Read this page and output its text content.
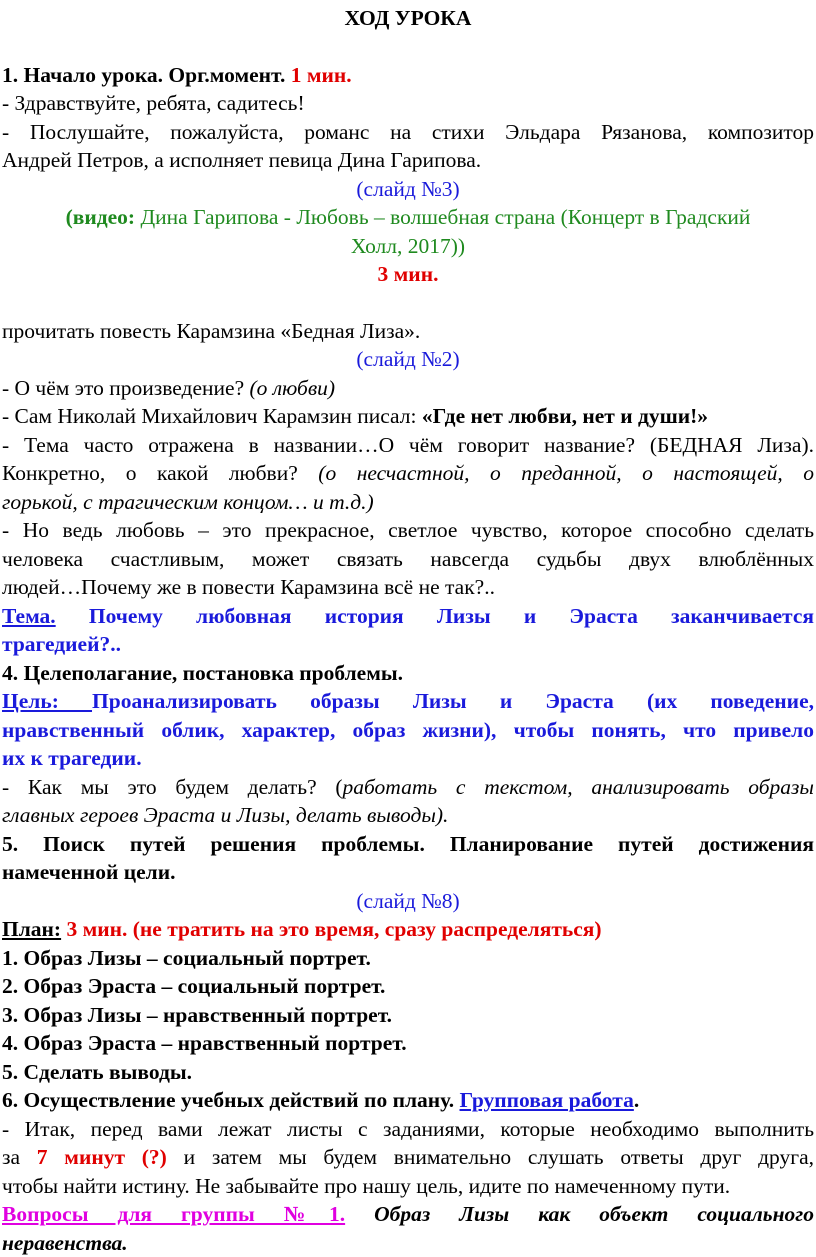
ХОД УРОКА

1. Начало урока. Орг.момент. 1 мин.

- Здравствуйте, ребята, садитесь!

- Послушайте, пожалуйста, романс на стихи Эльдара Рязанова, композитор

Андрей Петров, а исполняет певица Дина Гарипова.

(слайд №3)

(видео: Дина Гарипова - Любовь – волшебная страна (Концерт в Градский

Холл, 2017))

3 мин.

прочитать повесть Карамзина «Бедная Лиза».

(слайд №2)

- О чём это произведение? (о любви)

- Сам Николай Михайлович Карамзин писал: «Где нет любви, нет и души!»

- Тема часто отражена в названии…О чём говорит название? (БЕДНАЯ Лиза).

Конкретно, о какой любви? (о несчастной, о преданной, о настоящей, о

горькой, с трагическим концом… и т.д.)

- Но ведь любовь – это прекрасное, светлое чувство, которое способно сделать

человека счастливым, может связать навсегда судьбы двух влюблённых

людей…Почему же в повести Карамзина всё не так?..

Тема. Почему любовная история Лизы и Эраста заканчивается

трагедией?..

4. Целеполагание, постановка проблемы.

Цель: Проанализировать образы Лизы и Эраста (их поведение,

нравственный облик, характер, образ жизни), чтобы понять, что привело

их к трагедии.

- Как мы это будем делать? (работать с текстом, анализировать образы

главных героев Эраста и Лизы, делать выводы).

5. Поиск путей решения проблемы. Планирование путей достижения

намеченной цели.

(слайд №8)

План: 3 мин. (не тратить на это время, сразу распределяться)

1. Образ Лизы – социальный портрет.

2. Образ Эраста – социальный портрет.

3. Образ Лизы – нравственный портрет.

4. Образ Эраста – нравственный портрет.

5. Сделать выводы.

6. Осуществление учебных действий по плану. Групповая работа.

- Итак, перед вами лежат листы с заданиями, которые необходимо выполнить

за 7 минут (?) и затем мы будем внимательно слушать ответы друг друга,

чтобы найти истину. Не забывайте про нашу цель, идите по намеченному пути.

Вопросы для группы №1. Образ Лизы как объект социального

неравенства.
